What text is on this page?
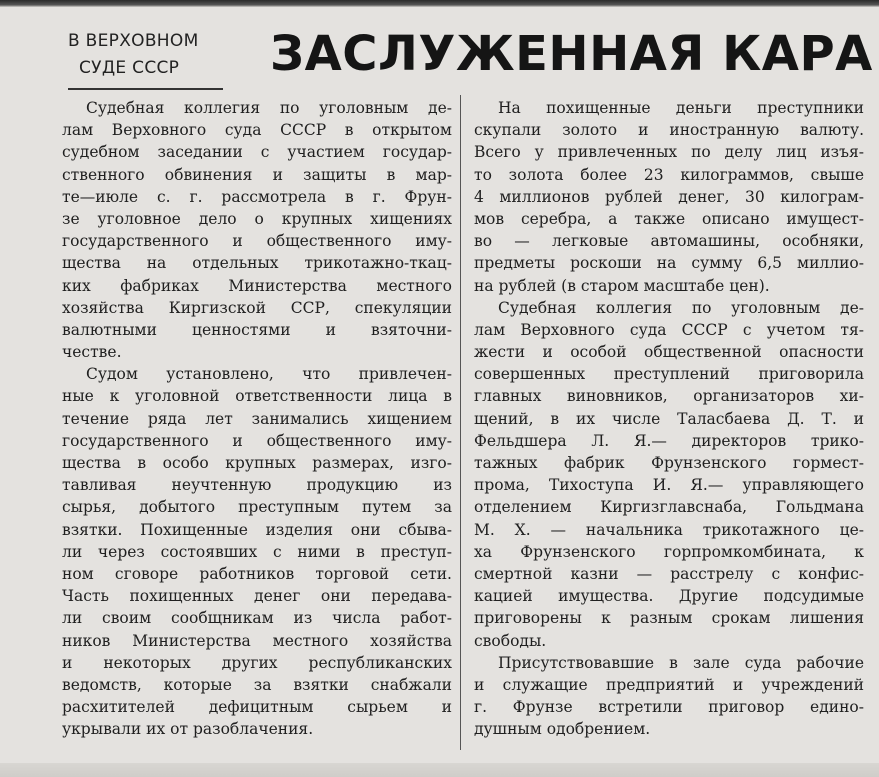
В ВЕРХОВНОМ
СУДЕ СССР	ЗАСЛУЖЕННАЯ КАРА
Судебная коллегия по уголовным де-
лам Верховного суда СССР в открытом
судебном заседании с участием государ-
ственного обвинения и защиты в мар-
те—июле с. г. рассмотрела в г. Фрун-
зе уголовное дело о крупных хищениях
государственного и общественного иму-
щества на отдельных трикотажно-ткац-
ких фабриках Министерства местного
хозяйства Киргизской ССР, спекуляции
валютными ценностями и взяточни-
честве.
Судом установлено, что привлечен-
ные к уголовной ответственности лица в
течение ряда лет занимались хищением
государственного и общественного иму-
щества в особо крупных размерах, изго-
тавливая неучтенную продукцию из
сырья, добытого преступным путем за
взятки. Похищенные изделия они сбыва-
ли через состоявших с ними в преступ-
ном сговоре работников торговой сети.
Часть похищенных денег они передава-
ли своим сообщникам из числа работ-
ников Министерства местного хозяйства
и некоторых других республиканских
ведомств, которые за взятки снабжали
расхитителей дефицитным сырьем и
укрывали их от разоблачения.
На похищенные деньги преступники
скупали золото и иностранную валюту.
Всего у привлеченных по делу лиц изъя-
то золота более 23 килограммов, свыше
4 миллионов рублей денег, 30 килограм-
мов серебра, а также описано имущест-
во — легковые автомашины, особняки,
предметы роскоши на сумму 6,5 миллио-
на рублей (в старом масштабе цен).
Судебная коллегия по уголовным де-
лам Верховного суда СССР с учетом тя-
жести и особой общественной опасности
совершенных преступлений приговорила
главных виновников, организаторов хи-
щений, в их числе Таласбаева Д. Т. и
Фельдшера Л. Я.— директоров трико-
тажных фабрик Фрунзенского гормест-
прома, Тихоступа И. Я.— управляющего
отделением Киргизглавснаба, Гольдмана
М. Х. — начальника трикотажного це-
ха Фрунзенского горпромкомбината, к
смертной казни — расстрелу с конфис-
кацией имущества. Другие подсудимые
приговорены к разным срокам лишения
свободы.
Присутствовавшие в зале суда рабочие
и служащие предприятий и учреждений
г. Фрунзе встретили приговор едино-
душным одобрением.
